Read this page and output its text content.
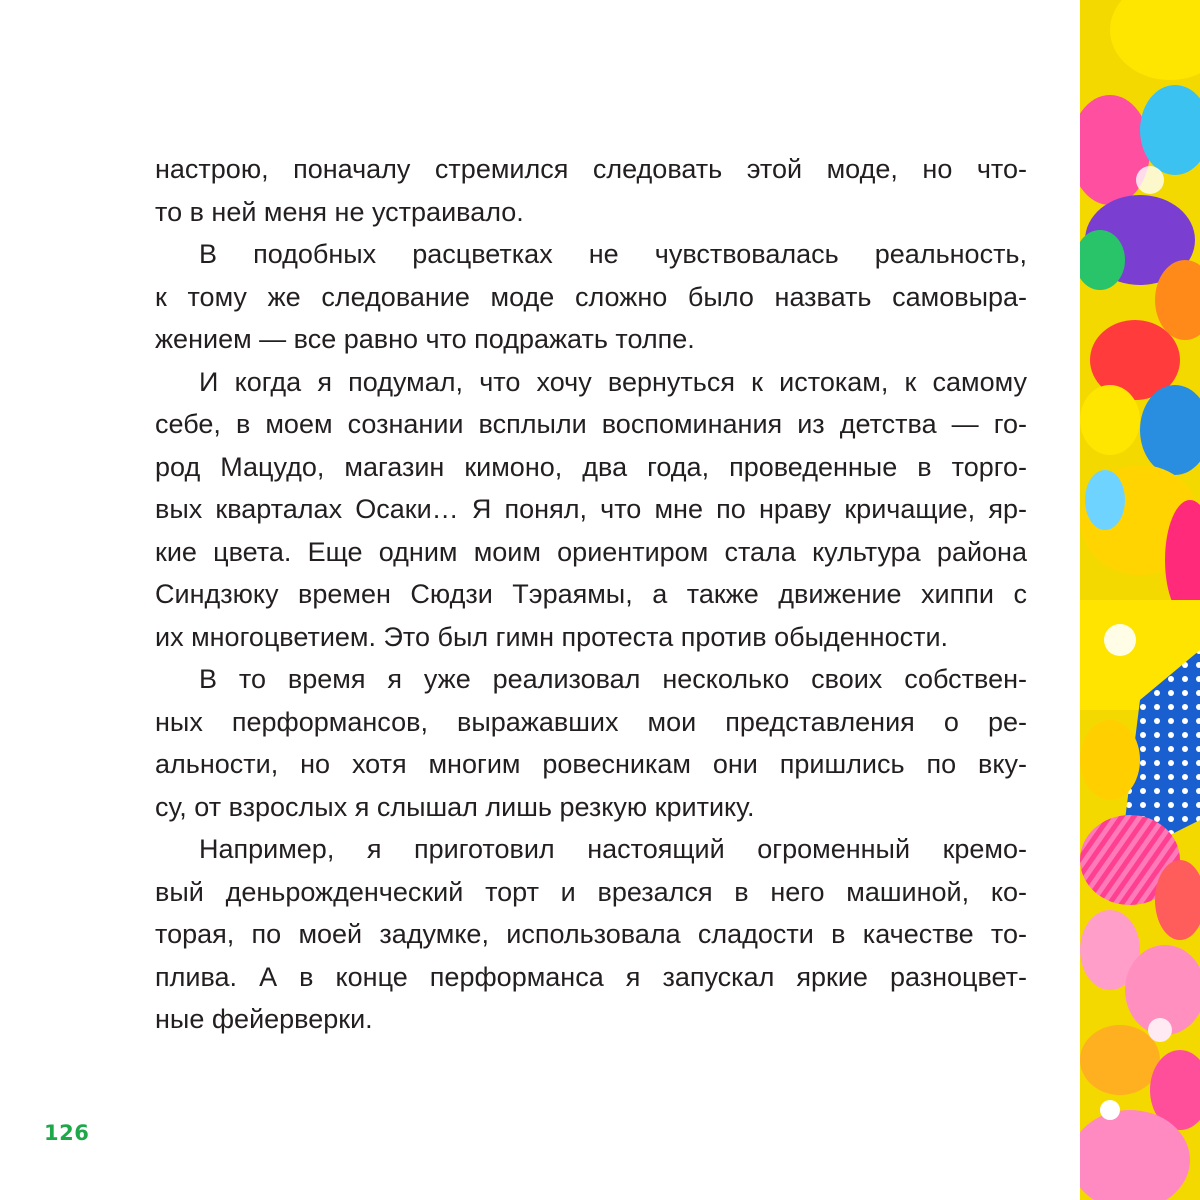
настрою, поначалу стремился следовать этой моде, но что-
то в ней меня не устраивало.
В подобных расцветках не чувствовалась реальность,
к тому же следование моде сложно было назвать самовыра-
жением — все равно что подражать толпе.
И когда я подумал, что хочу вернуться к истокам, к самому
себе, в моем сознании всплыли воспоминания из детства — го-
род Мацудо, магазин кимоно, два года, проведенные в торго-
вых кварталах Осаки… Я понял, что мне по нраву кричащие, яр-
кие цвета. Еще одним моим ориентиром стала культура района
Синдзюку времен Сюдзи Тэраямы, а также движение хиппи с
их многоцветием. Это был гимн протеста против обыденности.
В то время я уже реализовал несколько своих собствен-
ных перформансов, выражавших мои представления о ре-
альности, но хотя многим ровесникам они пришлись по вку-
су, от взрослых я слышал лишь резкую критику.
Например, я приготовил настоящий огроменный кремо-
вый деньрожденческий торт и врезался в него машиной, ко-
торая, по моей задумке, использовала сладости в качестве то-
плива. А в конце перформанса я запускал яркие разноцвет-
ные фейерверки.
126
